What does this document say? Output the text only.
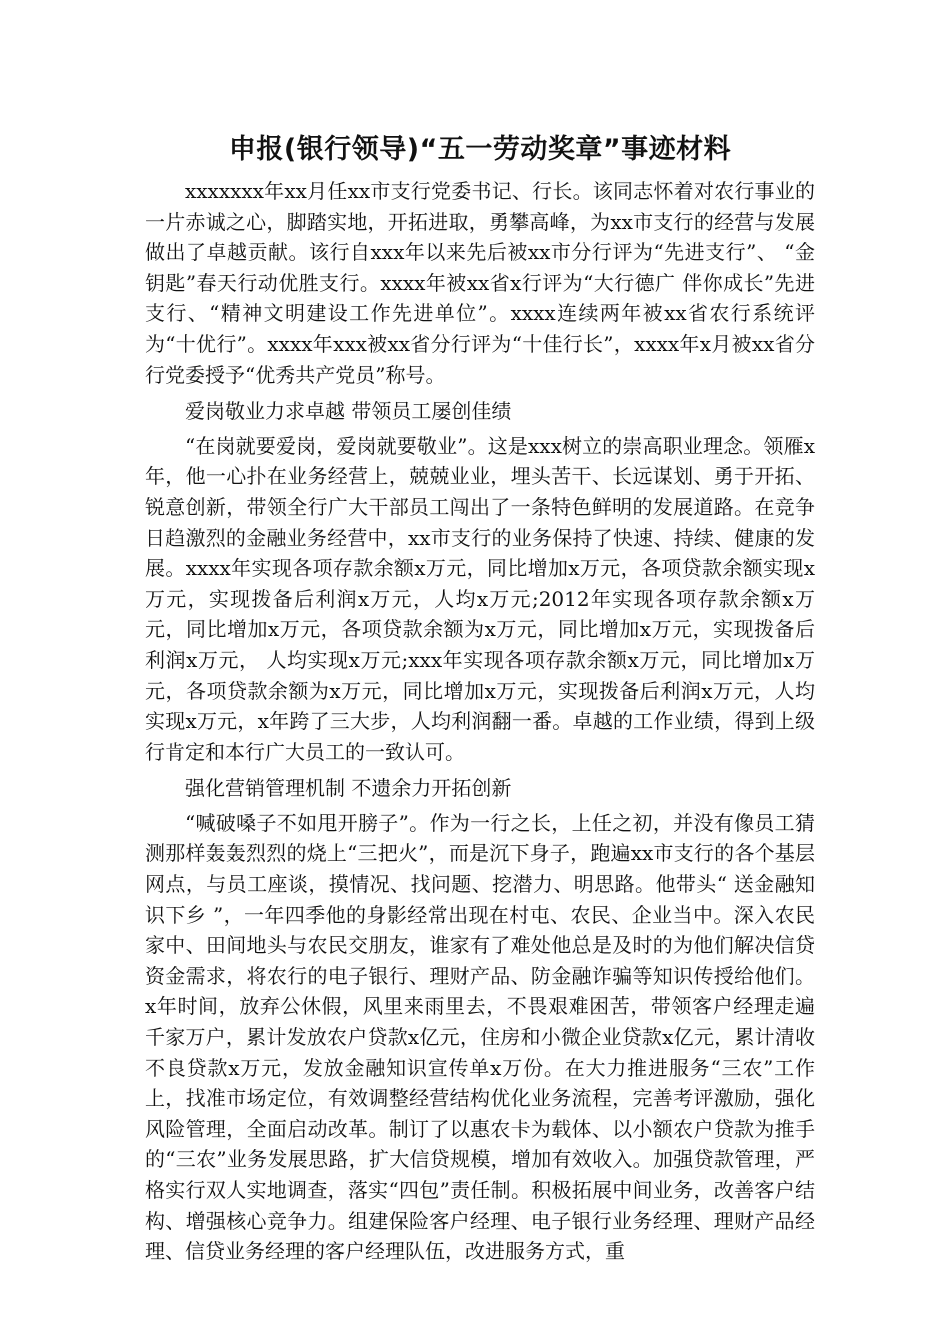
申报(银行领导)“五一劳动奖章”事迹材料

xxxxxxx年xx月任xx市支行党委书记、行长。该同志怀着对农行事业的一片赤诚之心，脚踏实地，开拓进取，勇攀高峰，为xx市支行的经营与发展做出了卓越贡献。该行自xxx年以来先后被xx市分行评为“先进支行”、 “金钥匙”春天行动优胜支行。xxxx年被xx省x行评为“大行德广 伴你成长”先进支行、“精神文明建设工作先进单位”。xxxx连续两年被xx省农行系统评为“十优行”。xxxx年xxx被xx省分行评为“十佳行长”，xxxx年x月被xx省分行党委授予“优秀共产党员”称号。

爱岗敬业力求卓越 带领员工屡创佳绩

“在岗就要爱岗，爱岗就要敬业”。这是xxx树立的崇高职业理念。领雁x年，他一心扑在业务经营上，兢兢业业，埋头苦干、长远谋划、勇于开拓、锐意创新，带领全行广大干部员工闯出了一条特色鲜明的发展道路。在竞争日趋激烈的金融业务经营中，xx市支行的业务保持了快速、持续、健康的发展。xxxx年实现各项存款余额x万元，同比增加x万元，各项贷款余额实现x万元，实现拨备后利润x万元，人均x万元;2012年实现各项存款余额x万元，同比增加x万元，各项贷款余额为x万元，同比增加x万元，实现拨备后利润x万元， 人均实现x万元;xxx年实现各项存款余额x万元，同比增加x万元，各项贷款余额为x万元，同比增加x万元，实现拨备后利润x万元，人均实现x万元，x年跨了三大步，人均利润翻一番。卓越的工作业绩，得到上级行肯定和本行广大员工的一致认可。

强化营销管理机制 不遗余力开拓创新

“喊破嗓子不如甩开膀子”。作为一行之长，上任之初，并没有像员工猜测那样轰轰烈烈的烧上“三把火”，而是沉下身子，跑遍xx市支行的各个基层网点，与员工座谈，摸情况、找问题、挖潜力、明思路。他带头“ 送金融知识下乡 ”，一年四季他的身影经常出现在村屯、农民、企业当中。深入农民家中、田间地头与农民交朋友，谁家有了难处他总是及时的为他们解决信贷资金需求，将农行的电子银行、理财产品、防金融诈骗等知识传授给他们。x年时间，放弃公休假，风里来雨里去，不畏艰难困苦，带领客户经理走遍千家万户，累计发放农户贷款x亿元，住房和小微企业贷款x亿元，累计清收不良贷款x万元，发放金融知识宣传单x万份。在大力推进服务“三农”工作上，找准市场定位，有效调整经营结构优化业务流程，完善考评激励，强化风险管理，全面启动改革。制订了以惠农卡为载体、以小额农户贷款为推手的“三农”业务发展思路，扩大信贷规模，增加有效收入。加强贷款管理，严格实行双人实地调查，落实“四包”责任制。积极拓展中间业务，改善客户结构、增强核心竞争力。组建保险客户经理、电子银行业务经理、理财产品经理、信贷业务经理的客户经理队伍，改进服务方式，重
